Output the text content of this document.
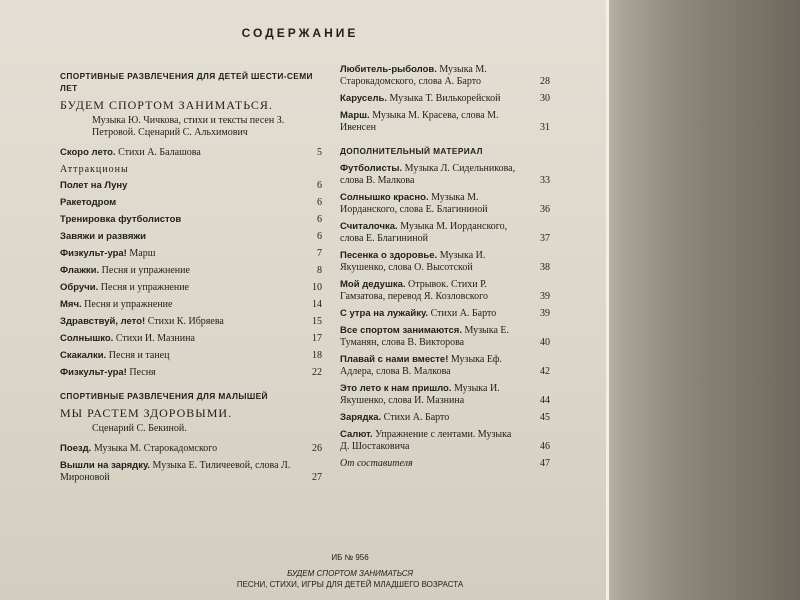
СОДЕРЖАНИЕ
СПОРТИВНЫЕ РАЗВЛЕЧЕНИЯ ДЛЯ ДЕТЕЙ ШЕСТИ-СЕМИ ЛЕТ
БУДЕМ СПОРТОМ ЗАНИМАТЬСЯ.
Музыка Ю. Чичкова, стихи и тексты песен З. Петровой. Сценарий С. Альхимович
Скоро лето. Стихи А. Балашова	5
Аттракционы
Полет на Луну	6
Ракетодром	6
Тренировка футболистов	6
Завяжи и развяжи	6
Физкульт-ура! Марш	7
Флажки. Песня и упражнение	8
Обручи. Песня и упражнение	10
Мяч. Песня и упражнение	14
Здравствуй, лето! Стихи К. Ибряева	15
Солнышко. Стихи И. Мазнина	17
Скакалки. Песня и танец	18
Физкульт-ура! Песня	22
СПОРТИВНЫЕ РАЗВЛЕЧЕНИЯ ДЛЯ МАЛЫШЕЙ
МЫ РАСТЕМ ЗДОРОВЫМИ.
Сценарий С. Бекиной.
Поезд. Музыка М. Старокадомского	26
Вышли на зарядку. Музыка Е. Тиличеевой, слова Л. Мироновой	27
Любитель-рыболов. Музыка М. Старокадомского, слова А. Барто	28
Карусель. Музыка Т. Вилькорейской	30
Марш. Музыка М. Красева, слова М. Ивенсен	31
ДОПОЛНИТЕЛЬНЫЙ МАТЕРИАЛ
Футболисты. Музыка Л. Сидельникова, слова В. Малкова	33
Солнышко красно. Музыка М. Иорданского, слова Е. Благининой	36
Считалочка. Музыка М. Иорданского, слова Е. Благининой	37
Песенка о здоровье. Музыка И. Якушенко, слова О. Высотской	38
Мой дедушка. Отрывок. Стихи Р. Гамзатова, перевод Я. Козловского	39
С утра на лужайку. Стихи А. Барто	39
Все спортом занимаются. Музыка Е. Туманян, слова В. Викторова	40
Плавай с нами вместе! Музыка Еф. Адлера, слова В. Малкова	42
Это лето к нам пришло. Музыка И. Якушенко, слова И. Мазнина	44
Зарядка. Стихи А. Барто	45
Салют. Упражнение с лентами. Музыка Д. Шостаковича	46
От составителя	47
ИБ № 956
БУДЕМ СПОРТОМ ЗАНИМАТЬСЯ
ПЕСНИ, СТИХИ, ИГРЫ ДЛЯ ДЕТЕЙ МЛАДШЕГО ВОЗРАСТА
